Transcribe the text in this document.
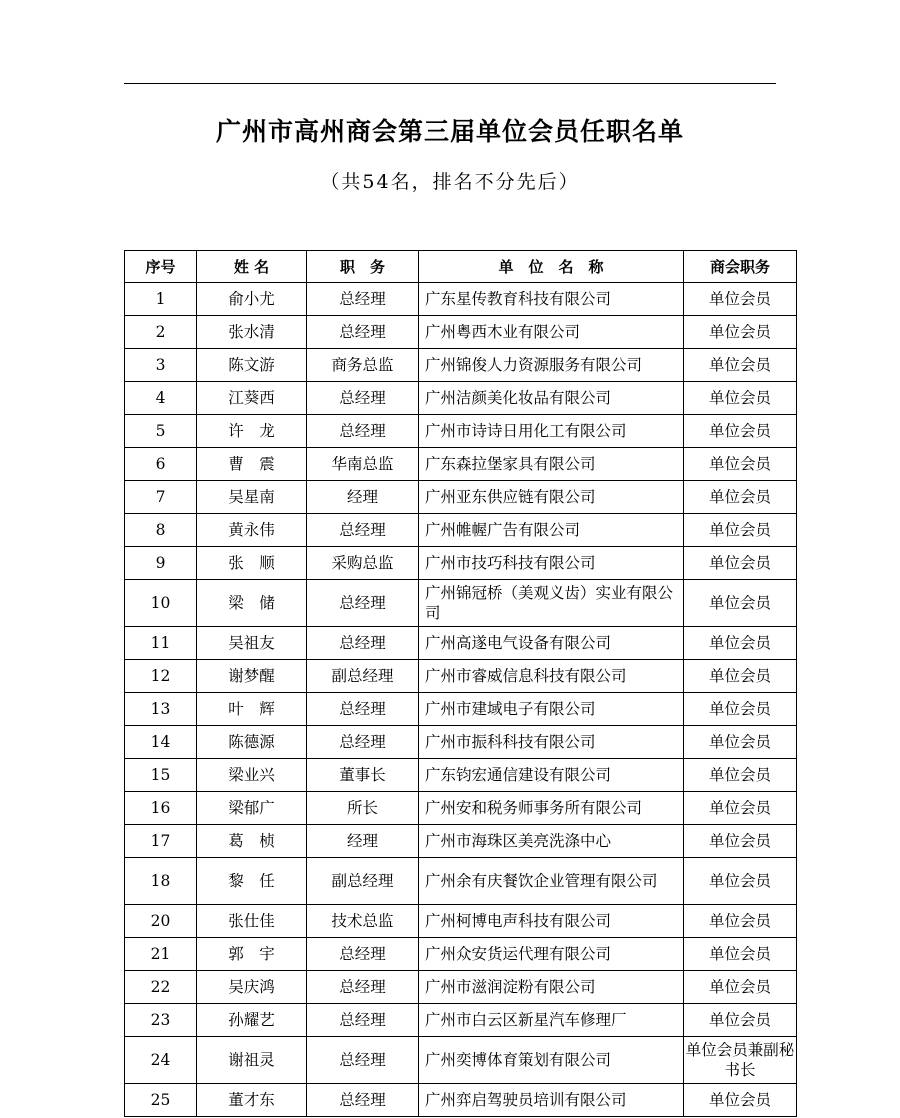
广州市高州商会第三届单位会员任职名单
（共54名，排名不分先后）
序号	姓 名	职　务	单　位　名　称	商会职务
1	俞小尤	总经理	广东星传教育科技有限公司	单位会员
2	张水清	总经理	广州粤西木业有限公司	单位会员
3	陈文游	商务总监	广州锦俊人力资源服务有限公司	单位会员
4	江葵西	总经理	广州洁颜美化妆品有限公司	单位会员
5	许　龙	总经理	广州市诗诗日用化工有限公司	单位会员
6	曹　震	华南总监	广东森拉堡家具有限公司	单位会员
7	吴星南	经理	广州亚东供应链有限公司	单位会员
8	黄永伟	总经理	广州帷幄广告有限公司	单位会员
9	张　顺	采购总监	广州市技巧科技有限公司	单位会员
10	梁　储	总经理	广州锦冠桥（美观义齿）实业有限公司	单位会员
11	吴祖友	总经理	广州高遂电气设备有限公司	单位会员
12	谢梦醒	副总经理	广州市睿威信息科技有限公司	单位会员
13	叶　辉	总经理	广州市建域电子有限公司	单位会员
14	陈德源	总经理	广州市振科科技有限公司	单位会员
15	梁业兴	董事长	广东钧宏通信建设有限公司	单位会员
16	梁郁广	所长	广州安和税务师事务所有限公司	单位会员
17	葛　桢	经理	广州市海珠区美亮洗涤中心	单位会员
18	黎　任	副总经理	广州余有庆餐饮企业管理有限公司	单位会员
20	张仕佳	技术总监	广州柯博电声科技有限公司	单位会员
21	郭　宇	总经理	广州众安货运代理有限公司	单位会员
22	吴庆鸿	总经理	广州市滋润淀粉有限公司	单位会员
23	孙耀艺	总经理	广州市白云区新星汽车修理厂	单位会员
24	谢祖灵	总经理	广州奕博体育策划有限公司	单位会员兼副秘书长
25	董才东	总经理	广州弈启驾驶员培训有限公司	单位会员
